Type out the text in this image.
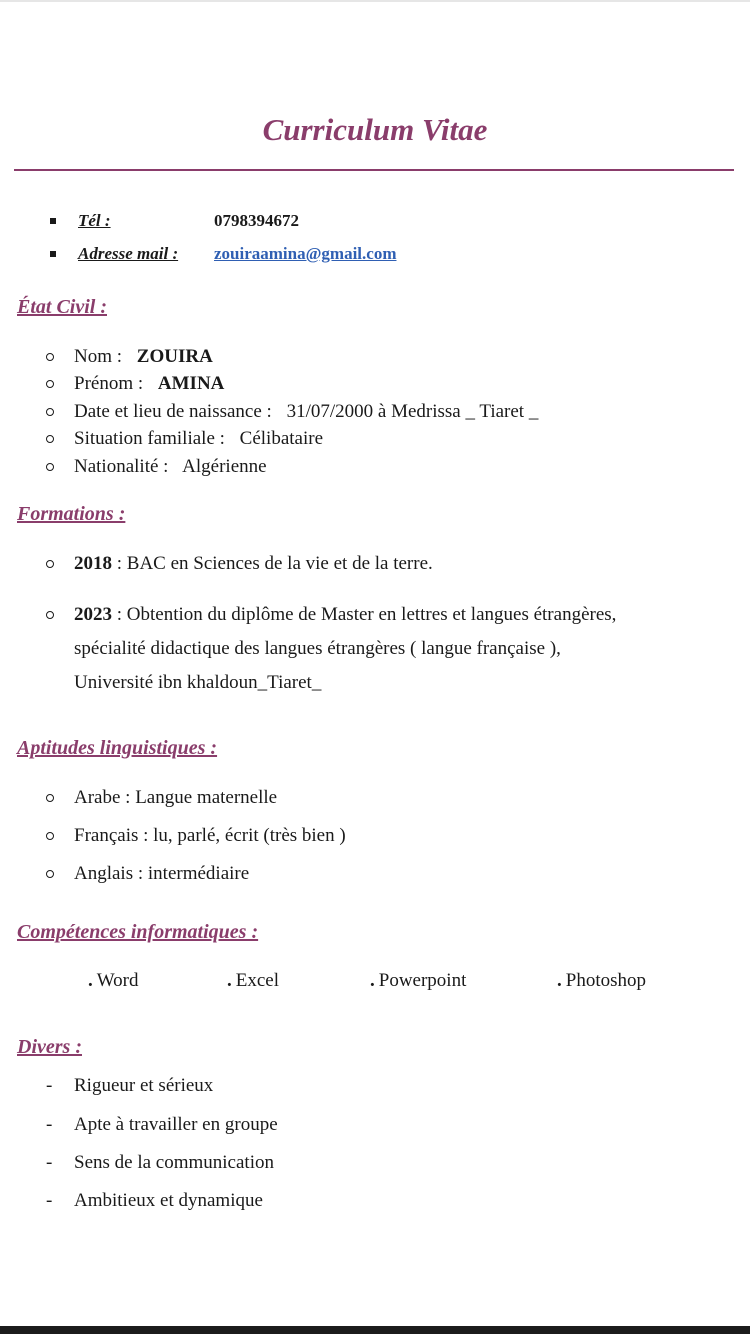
Curriculum Vitae
Tél :	0798394672
Adresse mail : zouiraamina@gmail.com
État Civil :
Nom : ZOUIRA
Prénom : AMINA
Date et lieu de naissance : 31/07/2000 à Medrissa _ Tiaret _
Situation familiale : Célibataire
Nationalité : Algérienne
Formations :
2018 : BAC en Sciences de la vie et de la terre.
2023 : Obtention du diplôme de Master en lettres et langues étrangères,
spécialité didactique des langues étrangères ( langue française ),
Université ibn khaldoun_Tiaret_
Aptitudes linguistiques :
Arabe : Langue maternelle
Français : lu, parlé, écrit (très bien )
Anglais : intermédiaire
Compétences informatiques :
. Word	. Excel	. Powerpoint	. Photoshop
Divers :
- Rigueur et sérieux
- Apte à travailler en groupe
- Sens de la communication
- Ambitieux et dynamique
